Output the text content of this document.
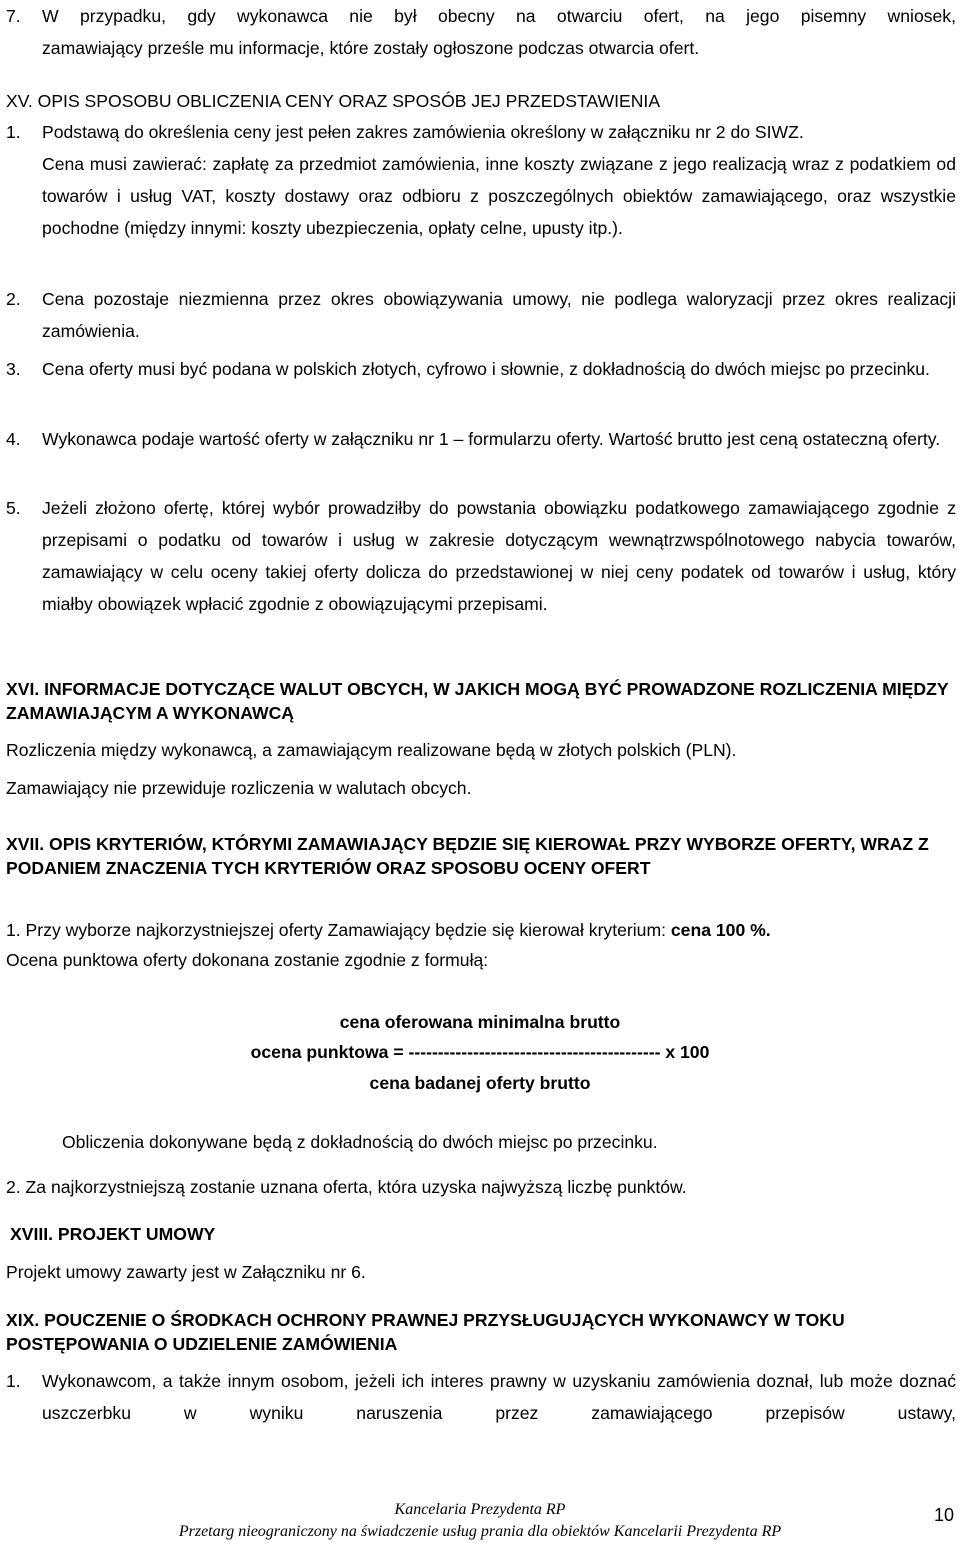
7.	W przypadku, gdy wykonawca nie był obecny na otwarciu ofert, na jego pisemny wniosek,
zamawiający prześle mu informacje, które zostały ogłoszone podczas otwarcia ofert.
XV. OPIS SPOSOBU OBLICZENIA CENY ORAZ SPOSÓB JEJ PRZEDSTAWIENIA
1.	Podstawą do określenia ceny jest pełen zakres zamówienia określony w załączniku nr 2 do SIWZ.
Cena musi zawierać: zapłatę za przedmiot zamówienia, inne koszty związane z jego realizacją wraz z podatkiem od towarów i usług VAT, koszty dostawy oraz odbioru z poszczególnych obiektów zamawiającego, oraz wszystkie pochodne (między innymi: koszty ubezpieczenia, opłaty celne, upusty itp.).
2.	Cena pozostaje niezmienna przez okres obowiązywania umowy, nie podlega waloryzacji przez okres realizacji zamówienia.
3.	Cena oferty musi być podana w polskich złotych, cyfrowo i słownie, z dokładnością do dwóch miejsc po przecinku.
4.	Wykonawca podaje wartość oferty w załączniku nr 1 – formularzu oferty. Wartość brutto jest ceną ostateczną oferty.
5.	Jeżeli złożono ofertę, której wybór prowadziłby do powstania obowiązku podatkowego zamawiającego zgodnie z przepisami o podatku od towarów i usług w zakresie dotyczącym wewnątrzwspólnotowego nabycia towarów, zamawiający w celu oceny takiej oferty dolicza do przedstawionej w niej ceny podatek od towarów i usług, który miałby obowiązek wpłacić zgodnie z obowiązującymi przepisami.
XVI. INFORMACJE DOTYCZĄCE WALUT OBCYCH, W JAKICH MOGĄ BYĆ PROWADZONE ROZLICZENIA MIĘDZY ZAMAWIAJĄCYM A WYKONAWCĄ
Rozliczenia między wykonawcą, a zamawiającym realizowane będą w złotych polskich (PLN).
Zamawiający nie przewiduje rozliczenia w walutach obcych.
XVII. OPIS KRYTERIÓW, KTÓRYMI ZAMAWIAJĄCY BĘDZIE SIĘ KIEROWAŁ PRZY WYBORZE OFERTY, WRAZ Z PODANIEM ZNACZENIA TYCH KRYTERIÓW ORAZ SPOSOBU OCENY OFERT
1. Przy wyborze najkorzystniejszej oferty Zamawiający będzie się kierował kryterium: cena 100 %.
Ocena punktowa oferty dokonana zostanie zgodnie z formułą:
cena oferowana minimalna brutto
ocena punktowa = ------------------------------------------- x 100
cena badanej oferty brutto
Obliczenia dokonywane będą z dokładnością do dwóch miejsc po przecinku.
2. Za najkorzystniejszą zostanie uznana oferta, która uzyska najwyższą liczbę punktów.
XVIII. PROJEKT UMOWY
Projekt umowy zawarty jest w Załączniku nr 6.
XIX. POUCZENIE O ŚRODKACH OCHRONY PRAWNEJ PRZYSŁUGUJĄCYCH WYKONAWCY W TOKU POSTĘPOWANIA O UDZIELENIE ZAMÓWIENIA
1.	Wykonawcom, a także innym osobom, jeżeli ich interes prawny w uzyskaniu zamówienia doznał, lub może doznać uszczerbku w wyniku naruszenia przez zamawiającego przepisów ustawy,
Kancelaria Prezydenta RP
Przetarg nieograniczony na świadczenie usług prania dla obiektów Kancelarii Prezydenta RP
10
